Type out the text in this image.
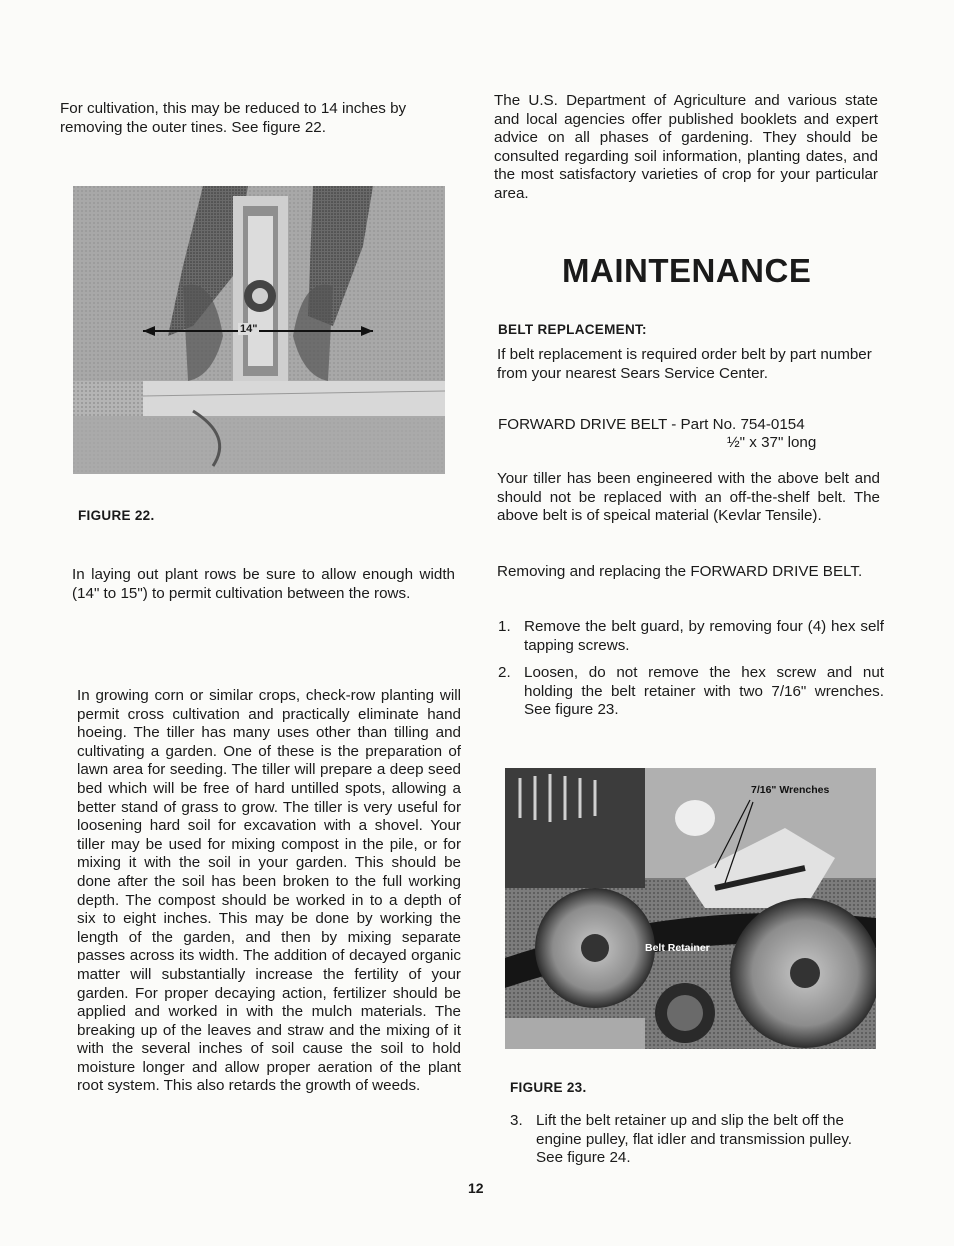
For cultivation, this may be reduced to 14 inches by removing the outer tines. See figure 22.

14"

FIGURE 22.

In laying out plant rows be sure to allow enough width (14" to 15") to permit cultivation between the rows.

In growing corn or similar crops, check-row planting will permit cross cultivation and practically eliminate hand hoeing. The tiller has many uses other than tilling and cultivating a garden. One of these is the preparation of lawn area for seeding. The tiller will prepare a deep seed bed which will be free of hard untilled spots, allowing a better stand of grass to grow. The tiller is very useful for loosening hard soil for excavation with a shovel. Your tiller may be used for mixing compost in the pile, or for mixing it with the soil in your garden. This should be done after the soil has been broken to the full working depth. The compost should be worked in to a depth of six to eight inches. This may be done by working the length of the garden, and then by mixing separate passes across its width. The addition of decayed organic matter will substantially increase the fertility of your garden. For proper decaying action, fertilizer should be applied and worked in with the mulch materials. The breaking up of the leaves and straw and the mixing of it with the several inches of soil cause the soil to hold moisture longer and allow proper aeration of the plant root system. This also retards the growth of weeds.

The U.S. Department of Agriculture and various state and local agencies offer published booklets and expert advice on all phases of gardening. They should be consulted regarding soil information, planting dates, and the most satisfactory varieties of crop for your particular area.

MAINTENANCE

BELT REPLACEMENT:

If belt replacement is required order belt by part number from your nearest Sears Service Center.

FORWARD DRIVE BELT - Part No. 754-0154
½" x 37" long

Your tiller has been engineered with the above belt and should not be replaced with an off-the-shelf belt. The above belt is of speical material (Kevlar Tensile).

Removing and replacing the FORWARD DRIVE BELT.

1. Remove the belt guard, by removing four (4) hex self tapping screws.
2. Loosen, do not remove the hex screw and nut holding the belt retainer with two 7/16" wrenches. See figure 23.
7/16" Wrenches
Belt Retainer

FIGURE 23.

3. Lift the belt retainer up and slip the belt off the engine pulley, flat idler and transmission pulley. See figure 24.
12
